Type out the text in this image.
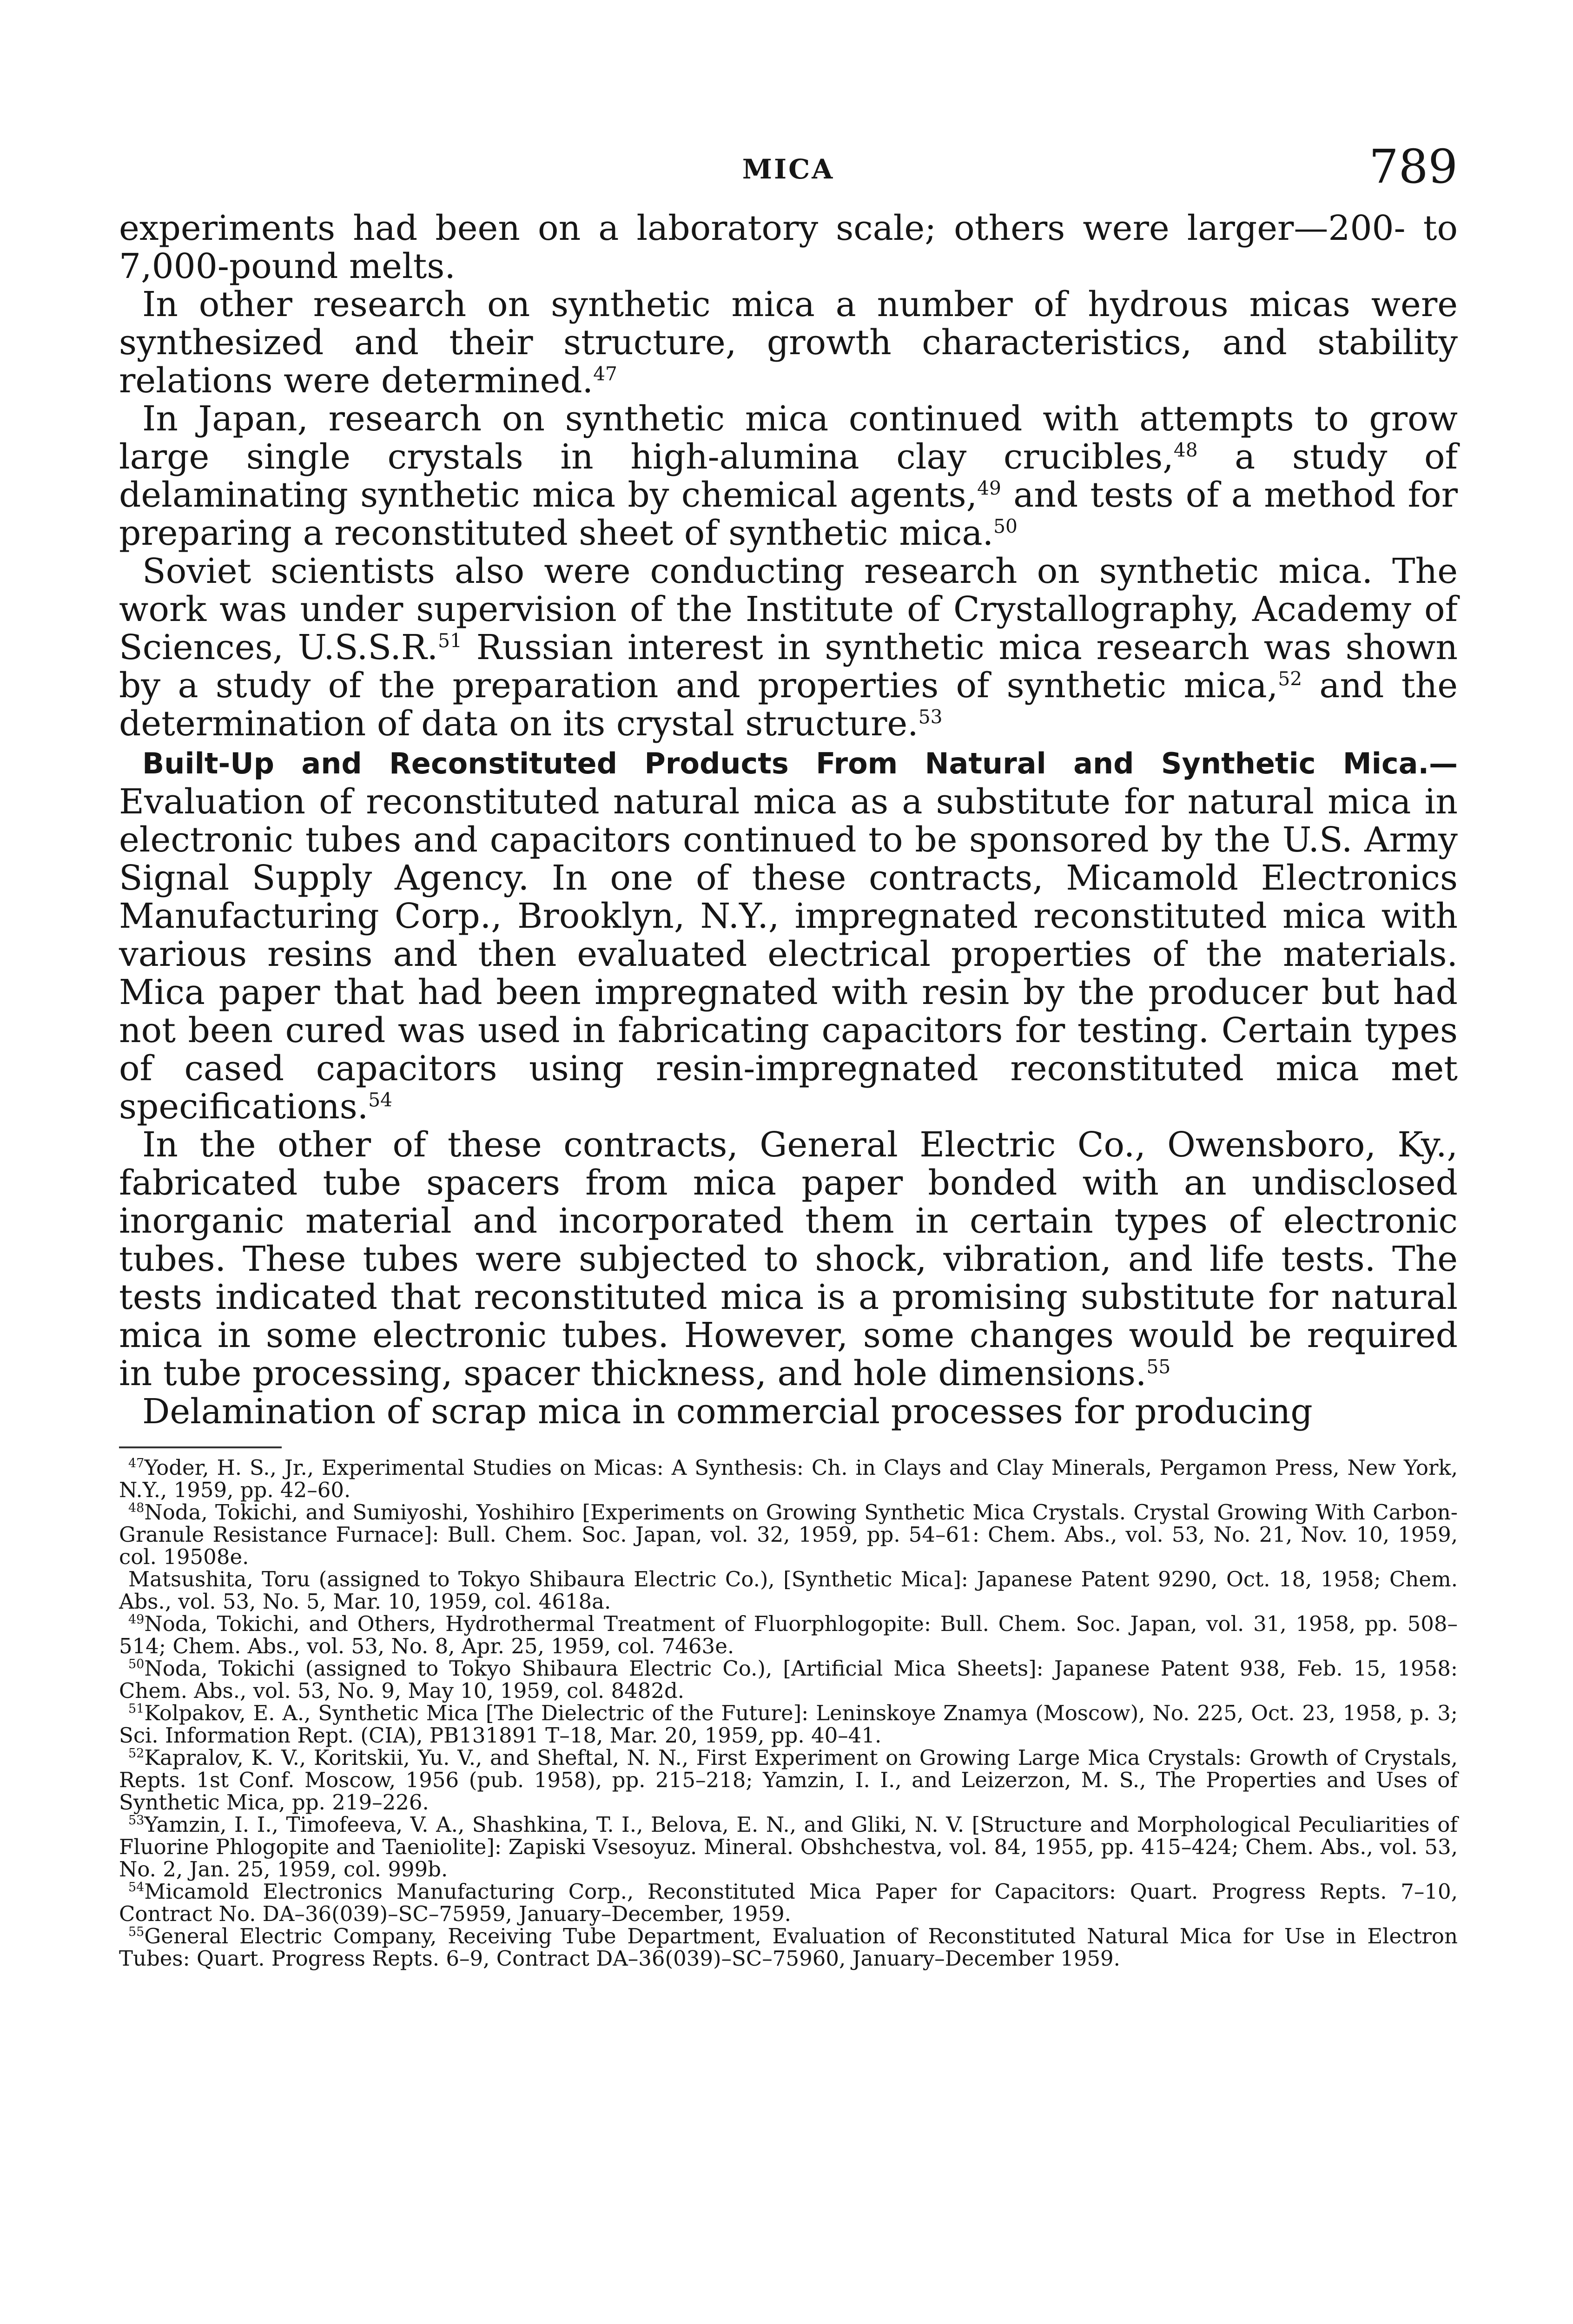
MICA	789

experiments had been on a laboratory scale; others were larger—200- to 7,000-pound melts.

In other research on synthetic mica a number of hydrous micas were synthesized and their structure, growth characteristics, and stability relations were determined.$^{47}$

In Japan, research on synthetic mica continued with attempts to grow large single crystals in high-alumina clay crucibles,$^{48}$ a study of delaminating synthetic mica by chemical agents,$^{49}$ and tests of a method for preparing a reconstituted sheet of synthetic mica.$^{50}$

Soviet scientists also were conducting research on synthetic mica. The work was under supervision of the Institute of Crystallography, Academy of Sciences, U.S.S.R.$^{51}$ Russian interest in synthetic mica research was shown by a study of the preparation and properties of synthetic mica,$^{52}$ and the determination of data on its crystal structure.$^{53}$

Built-Up and Reconstituted Products From Natural and Synthetic Mica.— Evaluation of reconstituted natural mica as a substitute for natural mica in electronic tubes and capacitors continued to be sponsored by the U.S. Army Signal Supply Agency. In one of these contracts, Micamold Electronics Manufacturing Corp., Brooklyn, N.Y., impregnated reconstituted mica with various resins and then evaluated electrical properties of the materials. Mica paper that had been impregnated with resin by the producer but had not been cured was used in fabricating capacitors for testing. Certain types of cased capacitors using resin-impregnated reconstituted mica met specifications.$^{54}$

In the other of these contracts, General Electric Co., Owensboro, Ky., fabricated tube spacers from mica paper bonded with an undisclosed inorganic material and incorporated them in certain types of electronic tubes. These tubes were subjected to shock, vibration, and life tests. The tests indicated that reconstituted mica is a promising substitute for natural mica in some electronic tubes. However, some changes would be required in tube processing, spacer thickness, and hole dimensions.$^{55}$

Delamination of scrap mica in commercial processes for producing

$^{47}$Yoder, H. S., Jr., Experimental Studies on Micas: A Synthesis: Ch. in Clays and Clay Minerals, Pergamon Press, New York, N.Y., 1959, pp. 42–60.

$^{48}$Noda, Tokichi, and Sumiyoshi, Yoshihiro [Experiments on Growing Synthetic Mica Crystals. Crystal Growing With Carbon-Granule Resistance Furnace]: Bull. Chem. Soc. Japan, vol. 32, 1959, pp. 54–61: Chem. Abs., vol. 53, No. 21, Nov. 10, 1959, col. 19508e.

Matsushita, Toru (assigned to Tokyo Shibaura Electric Co.), [Synthetic Mica]: Japanese Patent 9290, Oct. 18, 1958; Chem. Abs., vol. 53, No. 5, Mar. 10, 1959, col. 4618a.

$^{49}$Noda, Tokichi, and Others, Hydrothermal Treatment of Fluorphlogopite: Bull. Chem. Soc. Japan, vol. 31, 1958, pp. 508–514; Chem. Abs., vol. 53, No. 8, Apr. 25, 1959, col. 7463e.

$^{50}$Noda, Tokichi (assigned to Tokyo Shibaura Electric Co.), [Artificial Mica Sheets]: Japanese Patent 938, Feb. 15, 1958: Chem. Abs., vol. 53, No. 9, May 10, 1959, col. 8482d.

$^{51}$Kolpakov, E. A., Synthetic Mica [The Dielectric of the Future]: Leninskoye Znamya (Moscow), No. 225, Oct. 23, 1958, p. 3; Sci. Information Rept. (CIA), PB131891 T–18, Mar. 20, 1959, pp. 40–41.

$^{52}$Kapralov, K. V., Koritskii, Yu. V., and Sheftal, N. N., First Experiment on Growing Large Mica Crystals: Growth of Crystals, Repts. 1st Conf. Moscow, 1956 (pub. 1958), pp. 215–218; Yamzin, I. I., and Leizerzon, M. S., The Properties and Uses of Synthetic Mica, pp. 219–226.

$^{53}$Yamzin, I. I., Timofeeva, V. A., Shashkina, T. I., Belova, E. N., and Gliki, N. V. [Structure and Morphological Peculiarities of Fluorine Phlogopite and Taeniolite]: Zapiski Vsesoyuz. Mineral. Obshchestva, vol. 84, 1955, pp. 415–424; Chem. Abs., vol. 53, No. 2, Jan. 25, 1959, col. 999b.

$^{54}$Micamold Electronics Manufacturing Corp., Reconstituted Mica Paper for Capacitors: Quart. Progress Repts. 7–10, Contract No. DA–36(039)–SC–75959, January–December, 1959.

$^{55}$General Electric Company, Receiving Tube Department, Evaluation of Reconstituted Natural Mica for Use in Electron Tubes: Quart. Progress Repts. 6–9, Contract DA–36(039)–SC–75960, January–December 1959.
